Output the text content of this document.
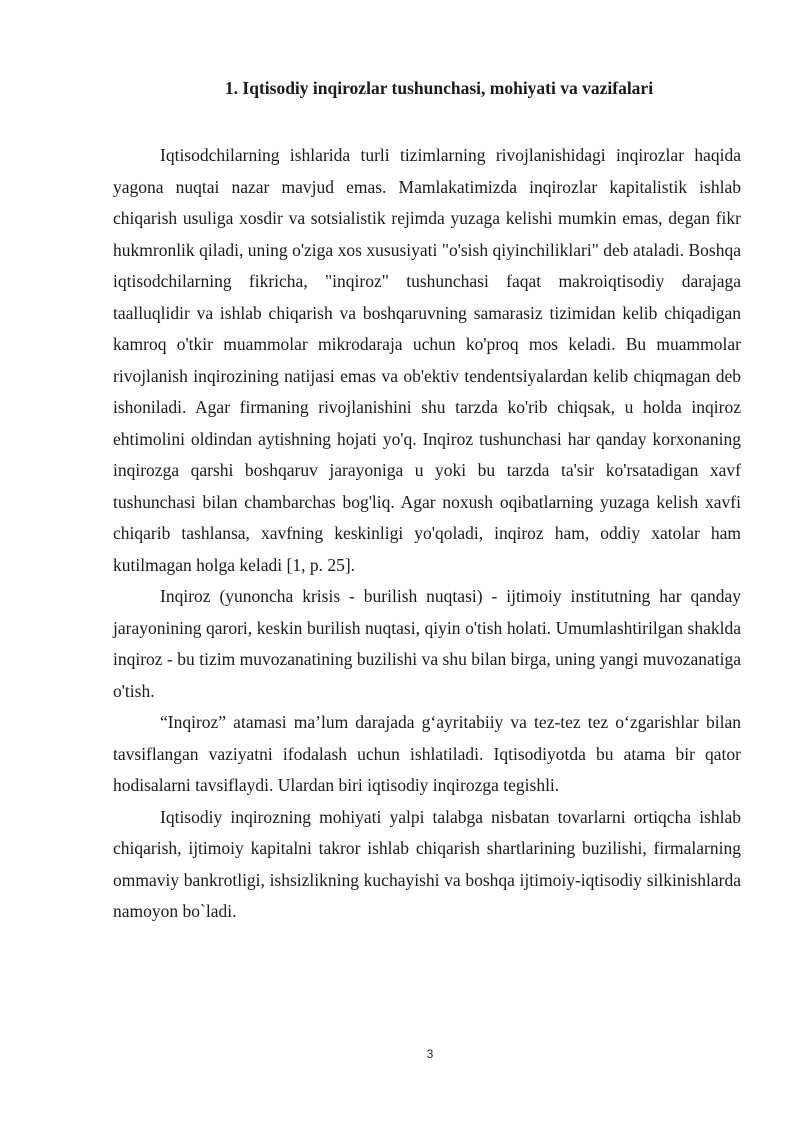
1. Iqtisodiy inqirozlar tushunchasi, mohiyati va vazifalari

Iqtisodchilarning ishlarida turli tizimlarning rivojlanishidagi inqirozlar haqida yagona nuqtai nazar mavjud emas. Mamlakatimizda inqirozlar kapitalistik ishlab chiqarish usuliga xosdir va sotsialistik rejimda yuzaga kelishi mumkin emas, degan fikr hukmronlik qiladi, uning o'ziga xos xususiyati "o'sish qiyinchiliklari" deb ataladi. Boshqa iqtisodchilarning fikricha, "inqiroz" tushunchasi faqat makroiqtisodiy darajaga taalluqlidir va ishlab chiqarish va boshqaruvning samarasiz tizimidan kelib chiqadigan kamroq o'tkir muammolar mikrodaraja uchun ko'proq mos keladi. Bu muammolar rivojlanish inqirozining natijasi emas va ob'ektiv tendentsiyalardan kelib chiqmagan deb ishoniladi. Agar firmaning rivojlanishini shu tarzda ko'rib chiqsak, u holda inqiroz ehtimolini oldindan aytishning hojati yo'q. Inqiroz tushunchasi har qanday korxonaning inqirozga qarshi boshqaruv jarayoniga u yoki bu tarzda ta'sir ko'rsatadigan xavf tushunchasi bilan chambarchas bog'liq. Agar noxush oqibatlarning yuzaga kelish xavfi chiqarib tashlansa, xavfning keskinligi yo'qoladi, inqiroz ham, oddiy xatolar ham kutilmagan holga keladi [1, p. 25].

Inqiroz (yunoncha krisis - burilish nuqtasi) - ijtimoiy institutning har qanday jarayonining qarori, keskin burilish nuqtasi, qiyin o'tish holati. Umumlashtirilgan shaklda inqiroz - bu tizim muvozanatining buzilishi va shu bilan birga, uning yangi muvozanatiga o'tish.

“Inqiroz” atamasi ma’lum darajada g‘ayritabiiy va tez-tez tez o‘zgarishlar bilan tavsiflangan vaziyatni ifodalash uchun ishlatiladi. Iqtisodiyotda bu atama bir qator hodisalarni tavsiflaydi. Ulardan biri iqtisodiy inqirozga tegishli.

Iqtisodiy inqirozning mohiyati yalpi talabga nisbatan tovarlarni ortiqcha ishlab chiqarish, ijtimoiy kapitalni takror ishlab chiqarish shartlarining buzilishi, firmalarning ommaviy bankrotligi, ishsizlikning kuchayishi va boshqa ijtimoiy-iqtisodiy silkinishlarda namoyon bo`ladi.

3
